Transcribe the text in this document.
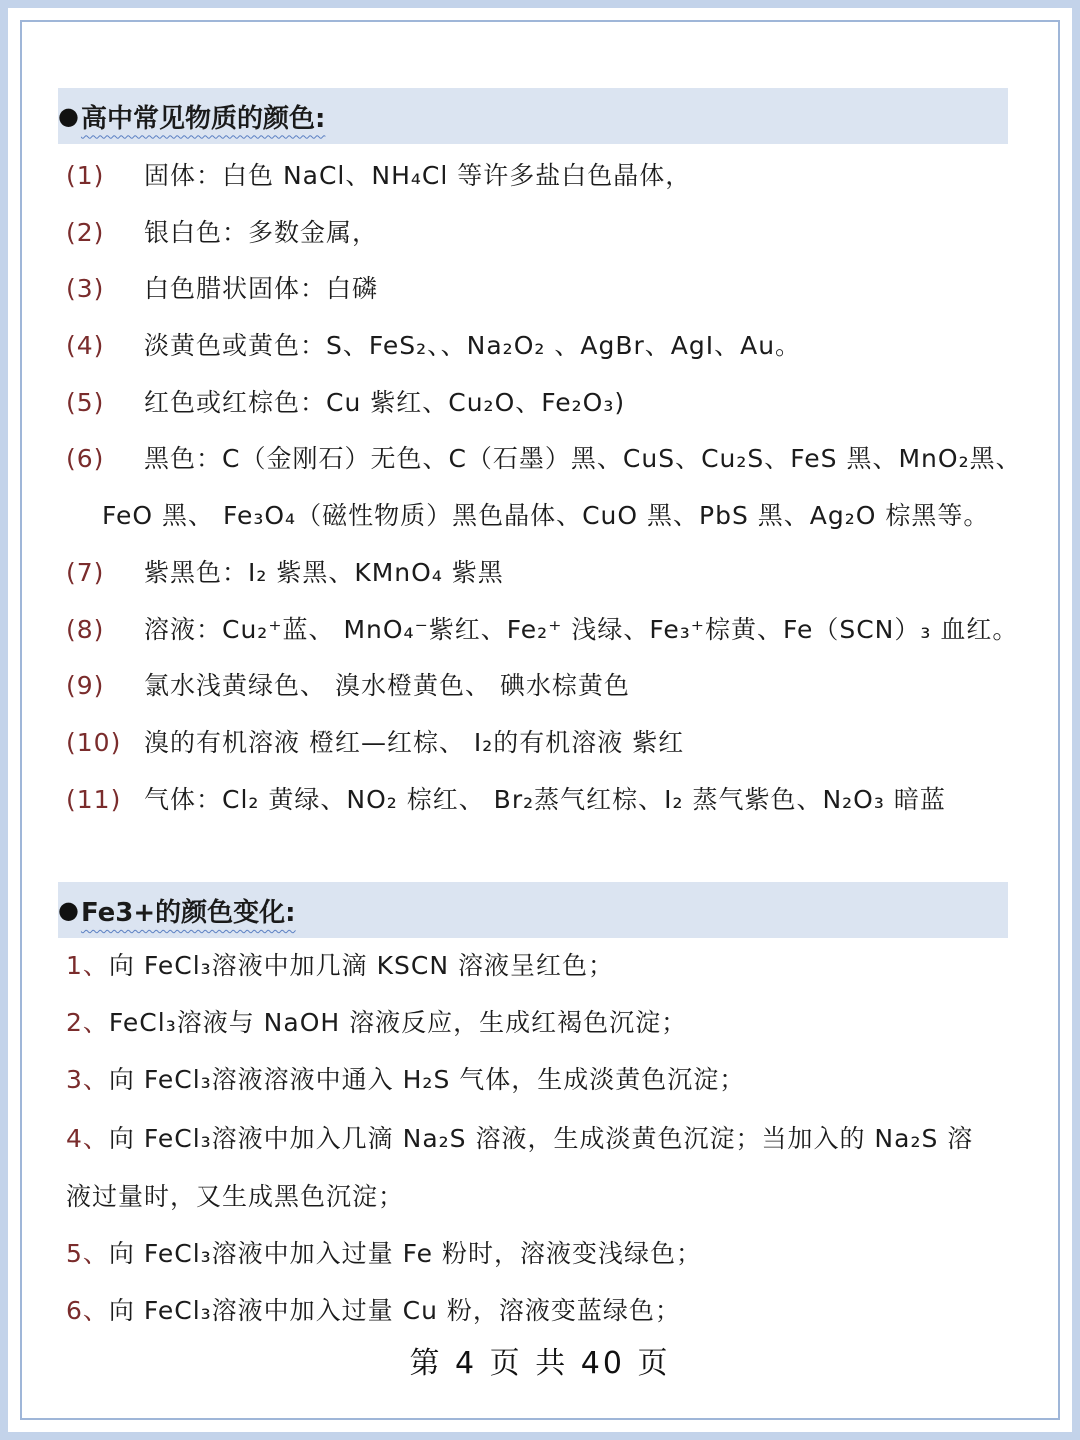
● 高中常见物质的颜色:
(1)	固体：白色 NaCl、NH₄Cl 等许多盐白色晶体，
(2)	银白色：多数金属，
(3)	白色腊状固体：白磷
(4)	淡黄色或黄色：S、FeS₂、、Na₂O₂ 、AgBr、AgI、Au。
(5)	红色或红棕色：Cu 紫红、Cu₂O、Fe₂O₃)
(6)	黑色：C（金刚石）无色、C（石墨）黑、CuS、Cu₂S、FeS 黑、MnO₂黑、
FeO 黑、 Fe₃O₄（磁性物质）黑色晶体、CuO 黑、PbS 黑、Ag₂O 棕黑等。
(7)	紫黑色：I₂ 紫黑、KMnO₄ 紫黑
(8)	溶液：Cu₂⁺蓝、 MnO₄⁻紫红、Fe₂⁺ 浅绿、Fe₃⁺棕黄、Fe（SCN）₃ 血红。
(9)	氯水浅黄绿色、 溴水橙黄色、 碘水棕黄色
(10) 溴的有机溶液 橙红—红棕、 I₂的有机溶液 紫红
(11) 气体：Cl₂ 黄绿、NO₂ 棕红、 Br₂蒸气红棕、I₂ 蒸气紫色、N₂O₃ 暗蓝
● Fe3+的颜色变化:
1、向 FeCl₃溶液中加几滴 KSCN 溶液呈红色；
2、FeCl₃溶液与 NaOH 溶液反应，生成红褐色沉淀；
3、向 FeCl₃溶液溶液中通入 H₂S 气体，生成淡黄色沉淀；
4、向 FeCl₃溶液中加入几滴 Na₂S 溶液，生成淡黄色沉淀；当加入的 Na₂S 溶
液过量时，又生成黑色沉淀；
5、向 FeCl₃溶液中加入过量 Fe 粉时，溶液变浅绿色；
6、向 FeCl₃溶液中加入过量 Cu 粉，溶液变蓝绿色；
第 4 页 共 40 页
